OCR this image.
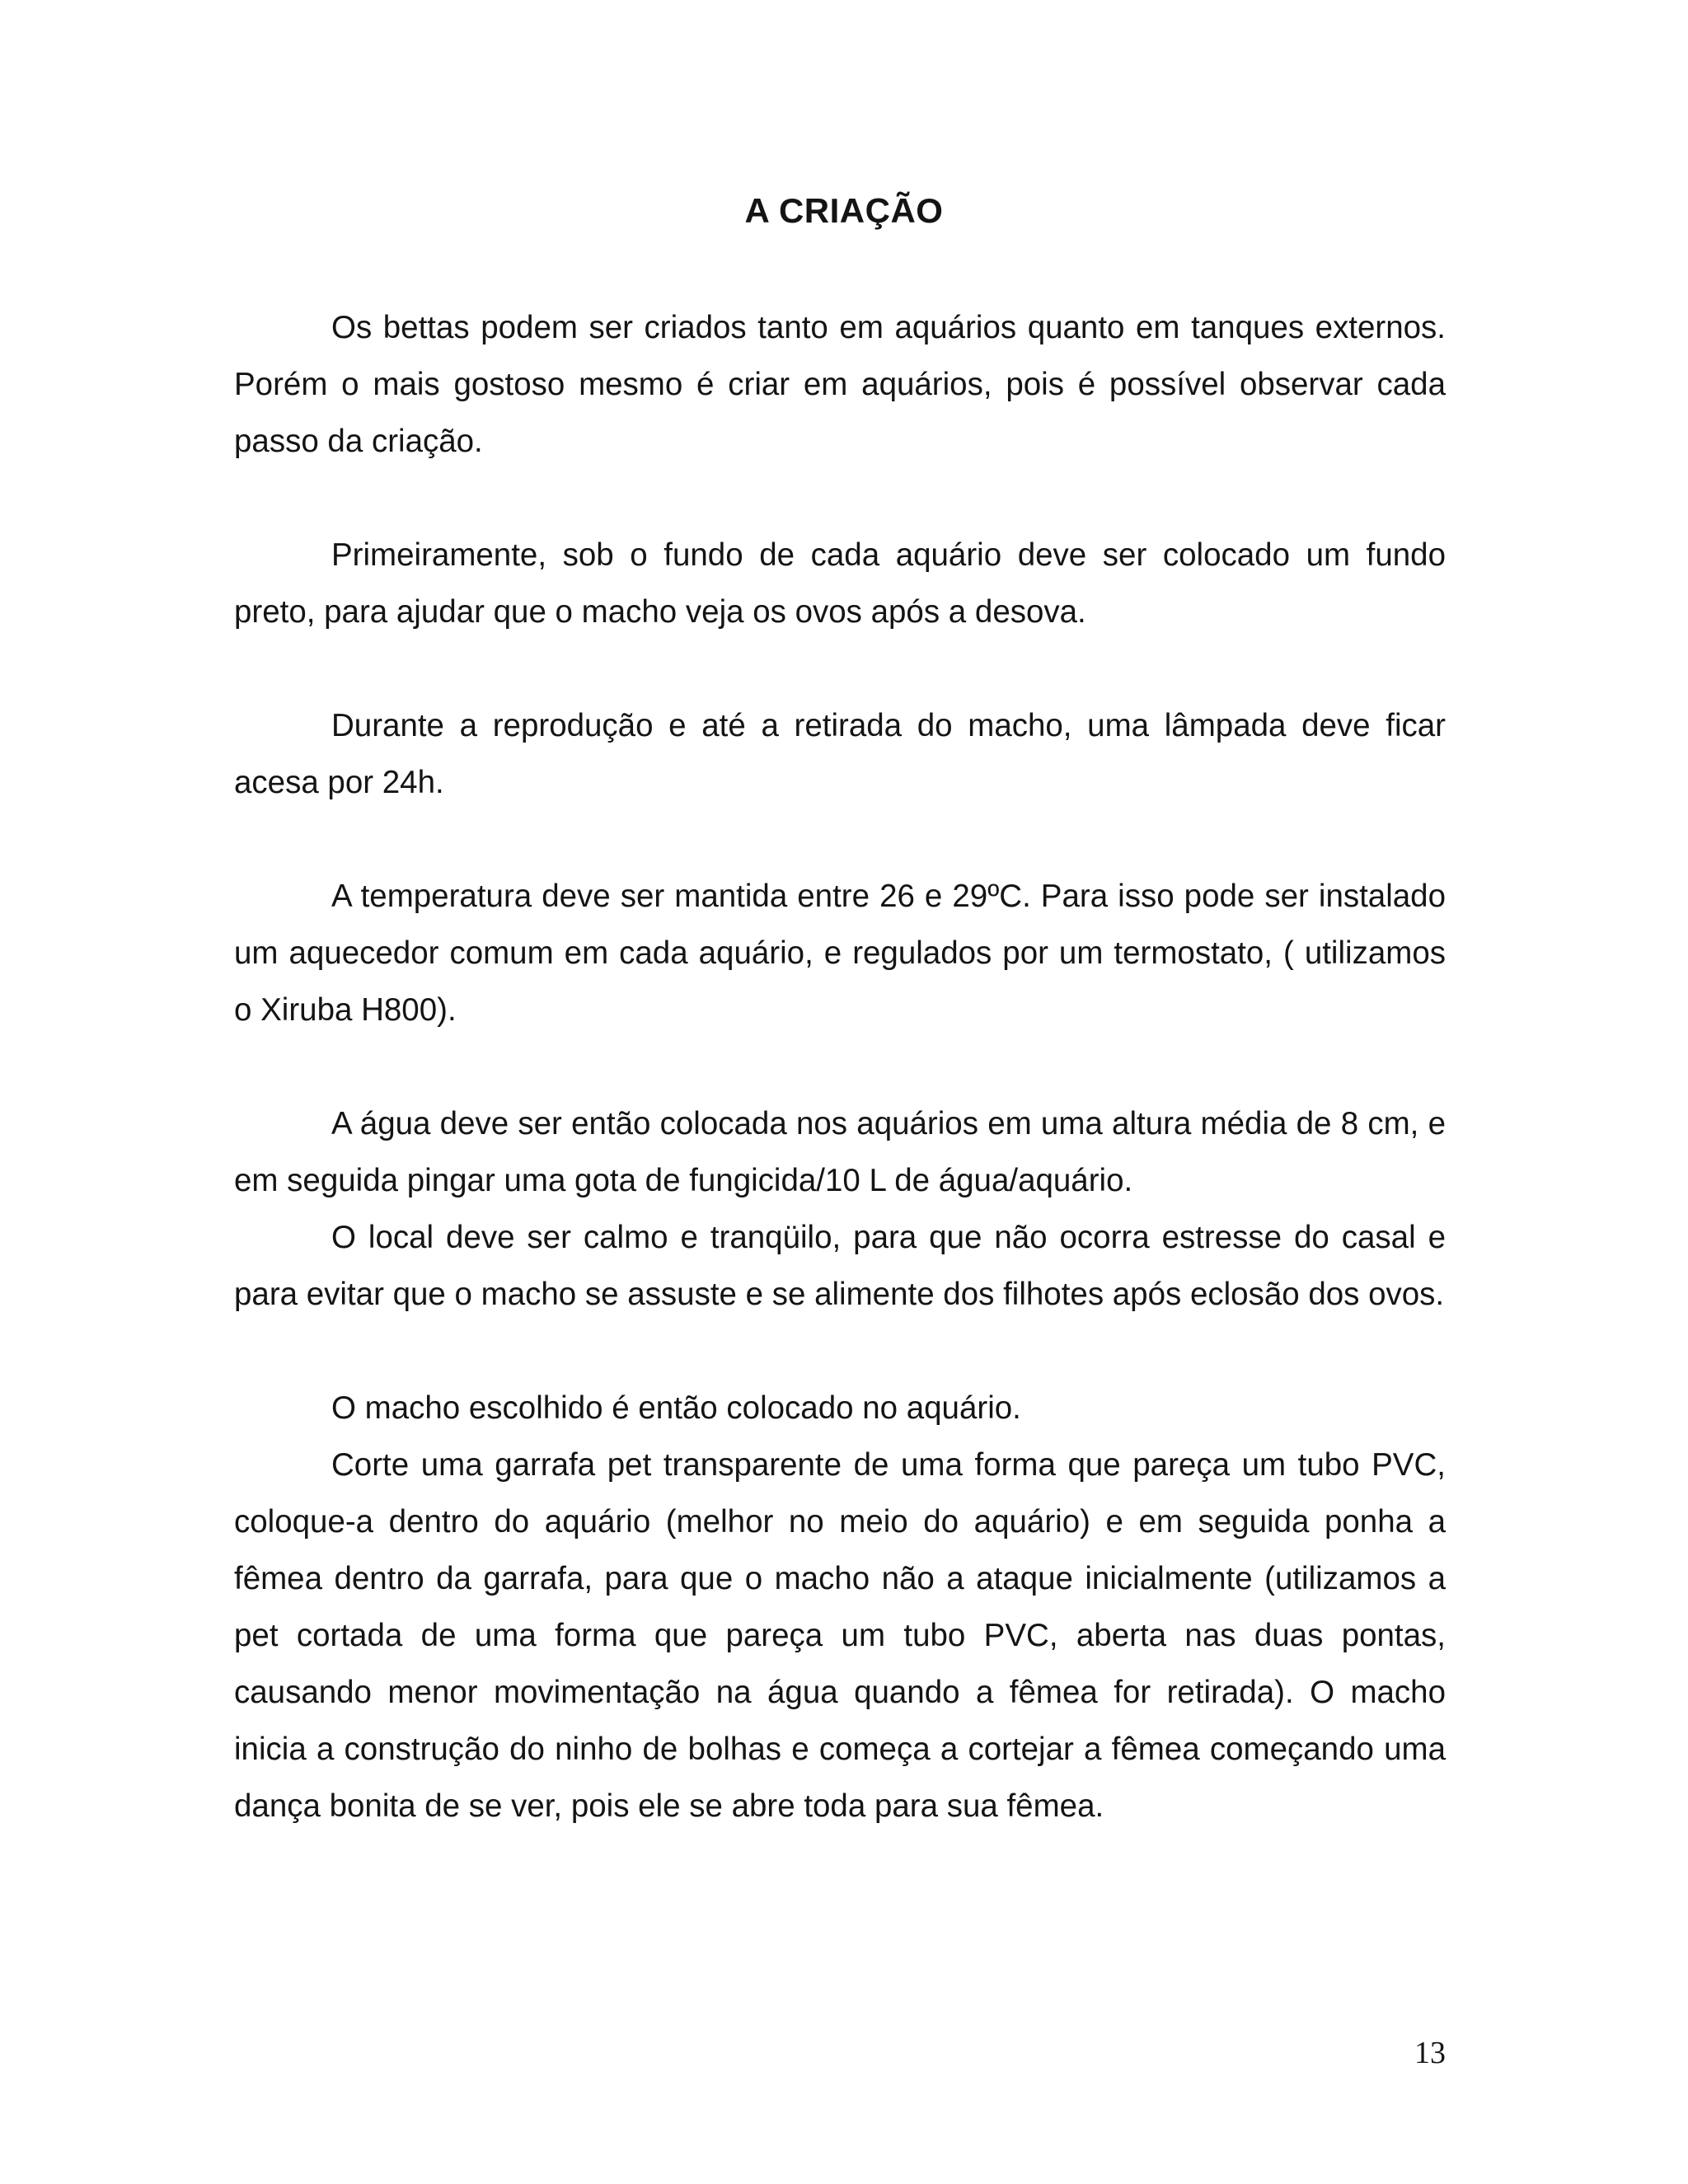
A CRIAÇÃO

Os bettas podem ser criados tanto em aquários quanto em tanques externos. Porém o mais gostoso mesmo é criar em aquários, pois é possível observar cada passo da criação.

Primeiramente, sob o fundo de cada aquário deve ser colocado um fundo preto, para ajudar que o macho veja os ovos após a desova.

Durante a reprodução e até a retirada do macho, uma lâmpada deve ficar acesa por 24h.

A temperatura deve ser mantida entre 26 e 29ºC. Para isso pode ser instalado um aquecedor comum em cada aquário, e regulados por um termostato, ( utilizamos o Xiruba H800).

A água deve ser então colocada nos aquários em uma altura média de 8 cm, e em seguida pingar uma gota de fungicida/10 L de água/aquário.

O local deve ser calmo e tranqüilo, para que não ocorra estresse do casal e para evitar que o macho se assuste e se alimente dos filhotes após eclosão dos ovos.

O macho escolhido é então colocado no aquário.

Corte uma garrafa pet transparente de uma forma que pareça um tubo PVC, coloque-a dentro do aquário (melhor no meio do aquário) e em seguida ponha a fêmea dentro da garrafa, para que o macho não a ataque inicialmente (utilizamos a pet cortada de uma forma que pareça um tubo PVC, aberta nas duas pontas, causando menor movimentação na água quando a fêmea for retirada). O macho inicia a construção do ninho de bolhas e começa a cortejar a fêmea começando uma dança bonita de se ver, pois ele se abre toda para sua fêmea.

13
